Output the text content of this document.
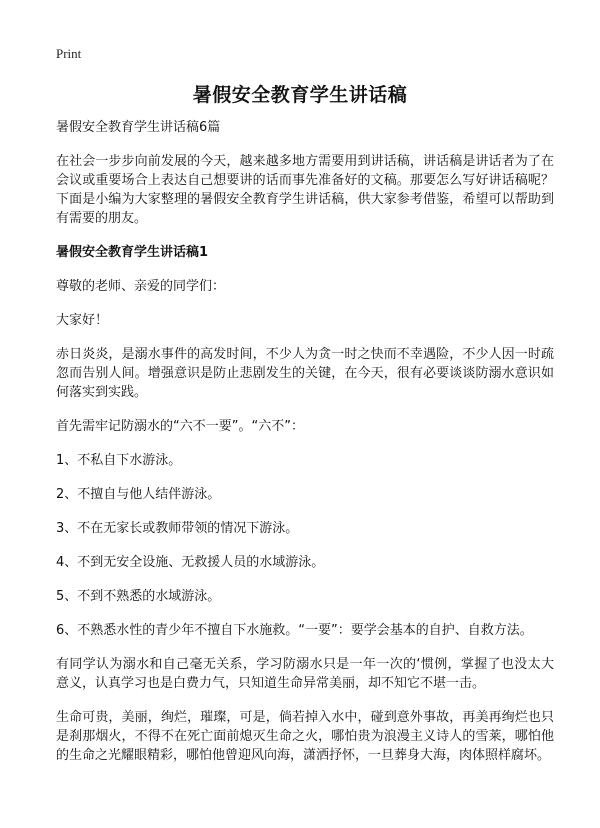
Print
暑假安全教育学生讲话稿

暑假安全教育学生讲话稿6篇

在社会一步步向前发展的今天，越来越多地方需要用到讲话稿，讲话稿是讲话者为了在会议或重要场合上表达自己想要讲的话而事先准备好的文稿。那要怎么写好讲话稿呢？下面是小编为大家整理的暑假安全教育学生讲话稿，供大家参考借鉴，希望可以帮助到有需要的朋友。

暑假安全教育学生讲话稿1

尊敬的老师、亲爱的同学们：

大家好！

赤日炎炎，是溺水事件的高发时间，不少人为贪一时之快而不幸遇险，不少人因一时疏忽而告别人间。增强意识是防止悲剧发生的关键，在今天，很有必要谈谈防溺水意识如何落实到实践。

首先需牢记防溺水的“六不一要”。“六不”：

1、不私自下水游泳。

2、不擅自与他人结伴游泳。

3、不在无家长或教师带领的情况下游泳。

4、不到无安全设施、无救援人员的水域游泳。

5、不到不熟悉的水域游泳。

6、不熟悉水性的青少年不擅自下水施救。“一要”：要学会基本的自护、自救方法。

有同学认为溺水和自己毫无关系，学习防溺水只是一年一次的‘惯例，掌握了也没太大意义，认真学习也是白费力气，只知道生命异常美丽，却不知它不堪一击。

生命可贵，美丽，绚烂，璀璨，可是，倘若掉入水中，碰到意外事故，再美再绚烂也只是刹那烟火，不得不在死亡面前熄灭生命之火，哪怕贵为浪漫主义诗人的雪莱，哪怕他的生命之光耀眼精彩，哪怕他曾迎风向海，潇洒抒怀，一旦葬身大海，肉体照样腐坏。
